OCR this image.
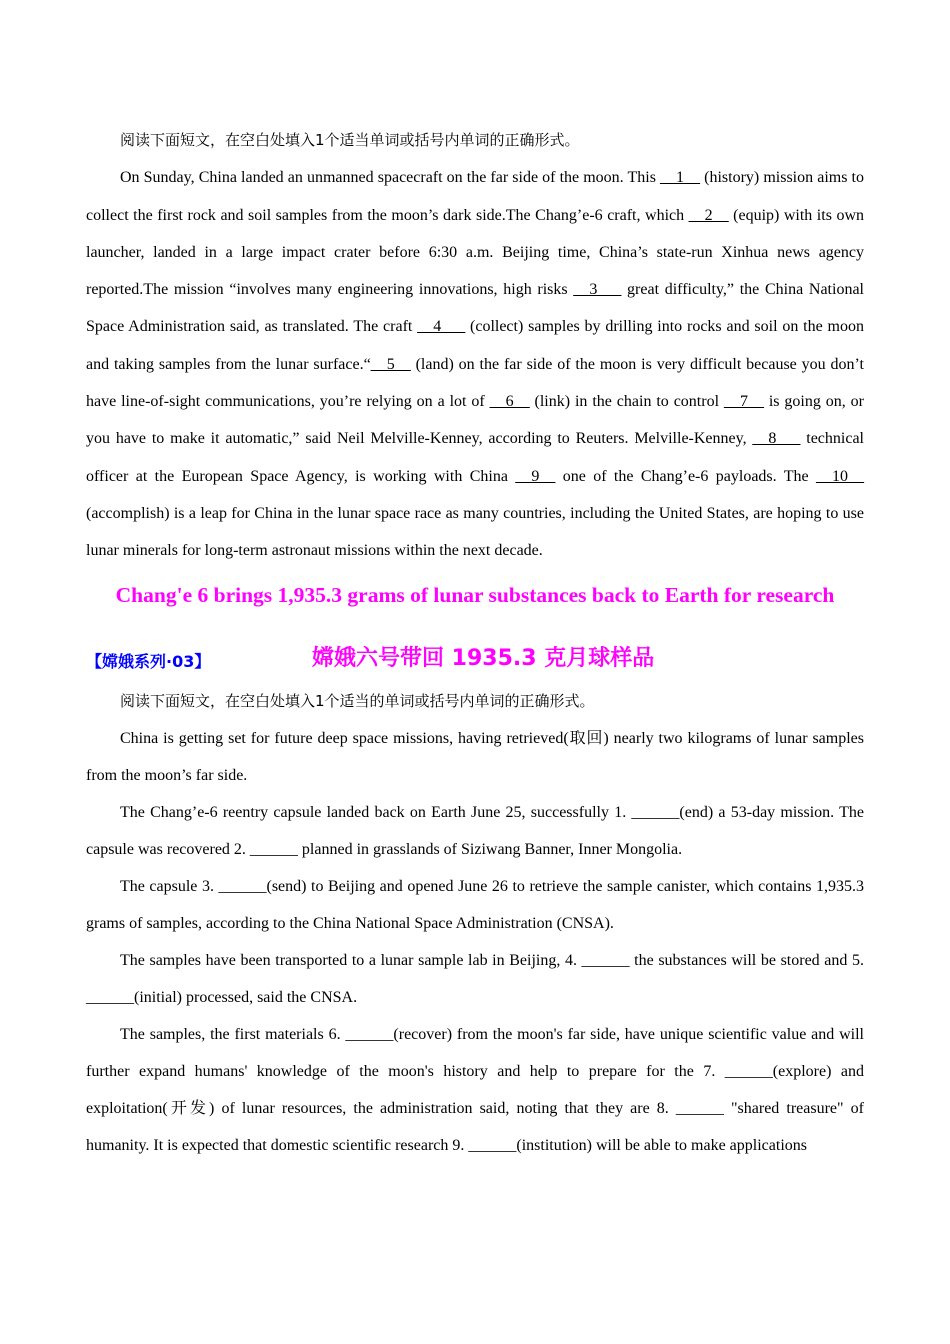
阅读下面短文，在空白处填入1个适当单词或括号内单词的正确形式。

On Sunday, China landed an unmanned spacecraft on the far side of the moon. This __1__ (history) mission aims to collect the first rock and soil samples from the moon’s dark side.The Chang’e-6 craft, which __2__ (equip) with its own launcher, landed in a large impact crater before 6:30 a.m. Beijing time, China’s state-run Xinhua news agency reported.The mission “involves many engineering innovations, high risks __3___ great difficulty,” the China National Space Administration said, as translated. The craft __4___ (collect) samples by drilling into rocks and soil on the moon and taking samples from the lunar surface.“__5__ (land) on the far side of the moon is very difficult because you don’t have line-of-sight communications, you’re relying on a lot of __6__ (link) in the chain to control __7__ is going on, or you have to make it automatic,” said Neil Melville-Kenney, according to Reuters. Melville-Kenney, __8___ technical officer at the European Space Agency, is working with China __9__ one of the Chang’e-6 payloads. The __10__ (accomplish) is a leap for China in the lunar space race as many countries, including the United States, are hoping to use lunar minerals for long-term astronaut missions within the next decade.

Chang'e 6 brings 1,935.3 grams of lunar substances back to Earth for research
【嫦娥系列·03】	嫦娥六号带回 1935.3 克月球样品

阅读下面短文，在空白处填入1个适当的单词或括号内单词的正确形式。

China is getting set for future deep space missions, having retrieved(取回) nearly two kilograms of lunar samples from the moon’s far side.

The Chang’e-6 reentry capsule landed back on Earth June 25, successfully 1. ______(end) a 53-day mission. The capsule was recovered 2. ______ planned in grasslands of Siziwang Banner, Inner Mongolia.

The capsule 3. ______(send) to Beijing and opened June 26 to retrieve the sample canister, which contains 1,935.3 grams of samples, according to the China National Space Administration (CNSA).

The samples have been transported to a lunar sample lab in Beijing, 4. ______ the substances will be stored and 5. ______(initial) processed, said the CNSA.

The samples, the first materials 6. ______(recover) from the moon's far side, have unique scientific value and will further expand humans' knowledge of the moon's history and help to prepare for the 7. ______(explore) and exploitation(开发) of lunar resources, the administration said, noting that they are 8. ______ "shared treasure" of humanity. It is expected that domestic scientific research 9. ______(institution) will be able to make applications
